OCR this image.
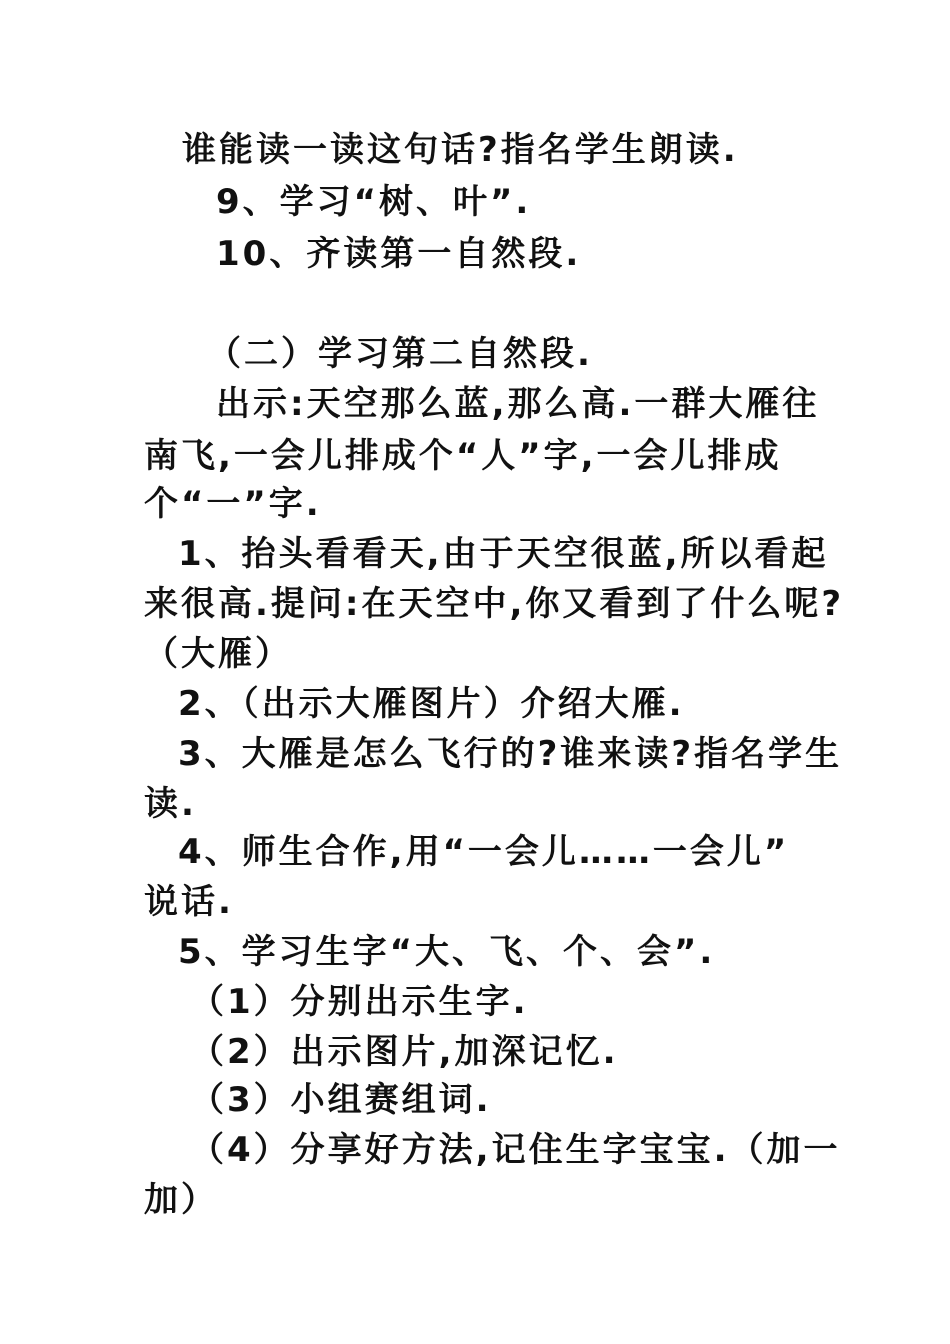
谁能读一读这句话?指名学生朗读.
9、学习“树、叶”.
10、齐读第一自然段.
（二）学习第二自然段.
出示:天空那么蓝,那么高.一群大雁往
南飞,一会儿排成个“人”字,一会儿排成
个“一”字.
1、抬头看看天,由于天空很蓝,所以看起
来很高.提问:在天空中,你又看到了什么呢?
（大雁）
2、（出示大雁图片）介绍大雁.
3、大雁是怎么飞行的?谁来读?指名学生
读.
4、师生合作,用“一会儿……一会儿”
说话.
5、学习生字“大、飞、个、会”.
（1）分别出示生字.
（2）出示图片,加深记忆.
（3）小组赛组词.
（4）分享好方法,记住生字宝宝.（加一
加）
